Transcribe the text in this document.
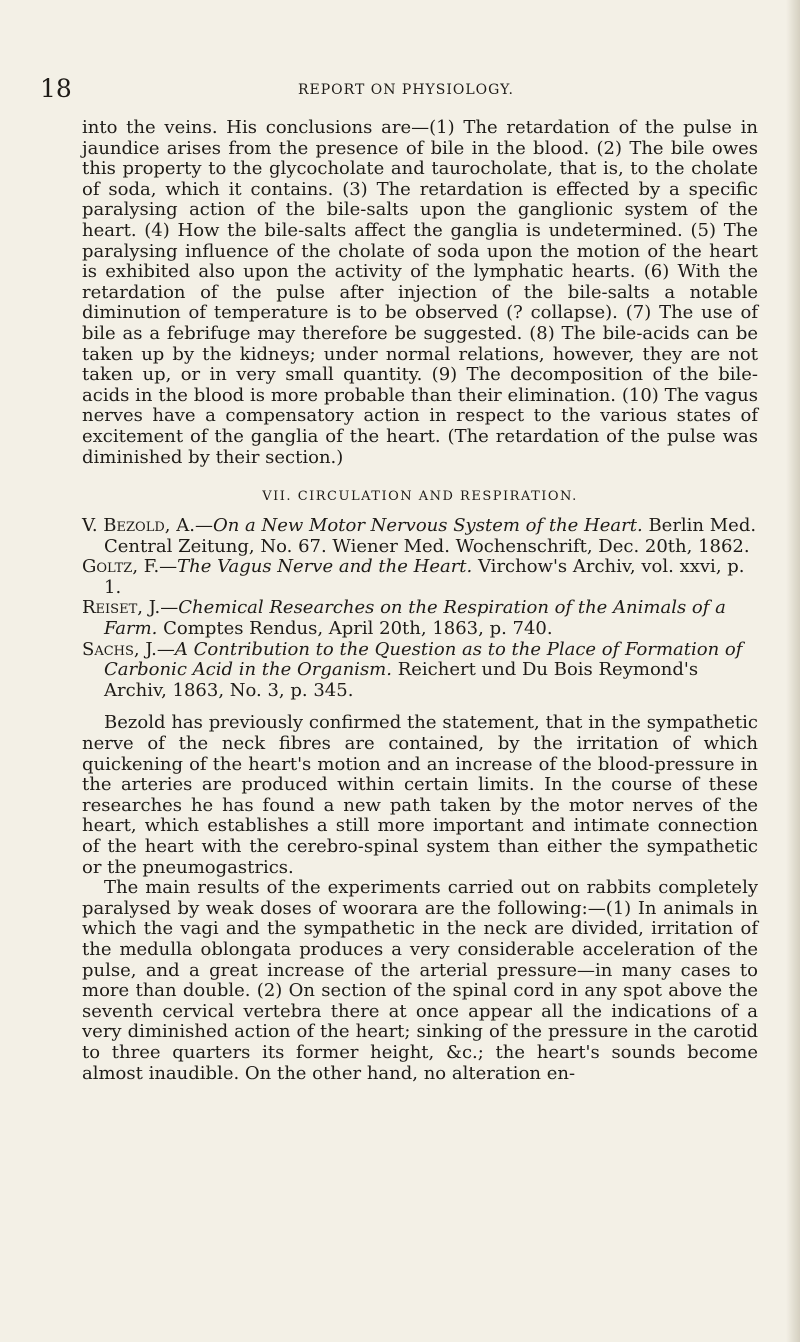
18	REPORT ON PHYSIOLOGY.

into the veins. His conclusions are—(1) The retardation of the pulse in jaundice arises from the presence of bile in the blood. (2) The bile owes this property to the glycocholate and taurocholate, that is, to the cholate of soda, which it contains. (3) The retardation is effected by a specific paralysing action of the bile-salts upon the ganglionic system of the heart. (4) How the bile-salts affect the ganglia is undetermined. (5) The paralysing influence of the cholate of soda upon the motion of the heart is exhibited also upon the activity of the lymphatic hearts. (6) With the retardation of the pulse after injection of the bile-salts a notable diminution of temperature is to be observed (? collapse). (7) The use of bile as a febrifuge may therefore be suggested. (8) The bile-acids can be taken up by the kidneys; under normal relations, however, they are not taken up, or in very small quantity. (9) The decomposition of the bile-acids in the blood is more probable than their elimination. (10) The vagus nerves have a compensatory action in respect to the various states of excitement of the ganglia of the heart. (The retardation of the pulse was diminished by their section.)

VII. CIRCULATION AND RESPIRATION.

V. Bezold, A.—On a New Motor Nervous System of the Heart. Berlin Med. Central Zeitung, No. 67. Wiener Med. Wochenschrift, Dec. 20th, 1862.

Goltz, F.—The Vagus Nerve and the Heart. Virchow's Archiv, vol. xxvi, p. 1.

Reiset, J.—Chemical Researches on the Respiration of the Animals of a Farm. Comptes Rendus, April 20th, 1863, p. 740.

Sachs, J.—A Contribution to the Question as to the Place of Formation of Carbonic Acid in the Organism. Reichert und Du Bois Reymond's Archiv, 1863, No. 3, p. 345.

Bezold has previously confirmed the statement, that in the sympathetic nerve of the neck fibres are contained, by the irritation of which quickening of the heart's motion and an increase of the blood-pressure in the arteries are produced within certain limits. In the course of these researches he has found a new path taken by the motor nerves of the heart, which establishes a still more important and intimate connection of the heart with the cerebro-spinal system than either the sympathetic or the pneumogastrics.

The main results of the experiments carried out on rabbits completely paralysed by weak doses of woorara are the following:—(1) In animals in which the vagi and the sympathetic in the neck are divided, irritation of the medulla oblongata produces a very considerable acceleration of the pulse, and a great increase of the arterial pressure—in many cases to more than double. (2) On section of the spinal cord in any spot above the seventh cervical vertebra there at once appear all the indications of a very diminished action of the heart; sinking of the pressure in the carotid to three quarters its former height, &c.; the heart's sounds become almost inaudible. On the other hand, no alteration en-
